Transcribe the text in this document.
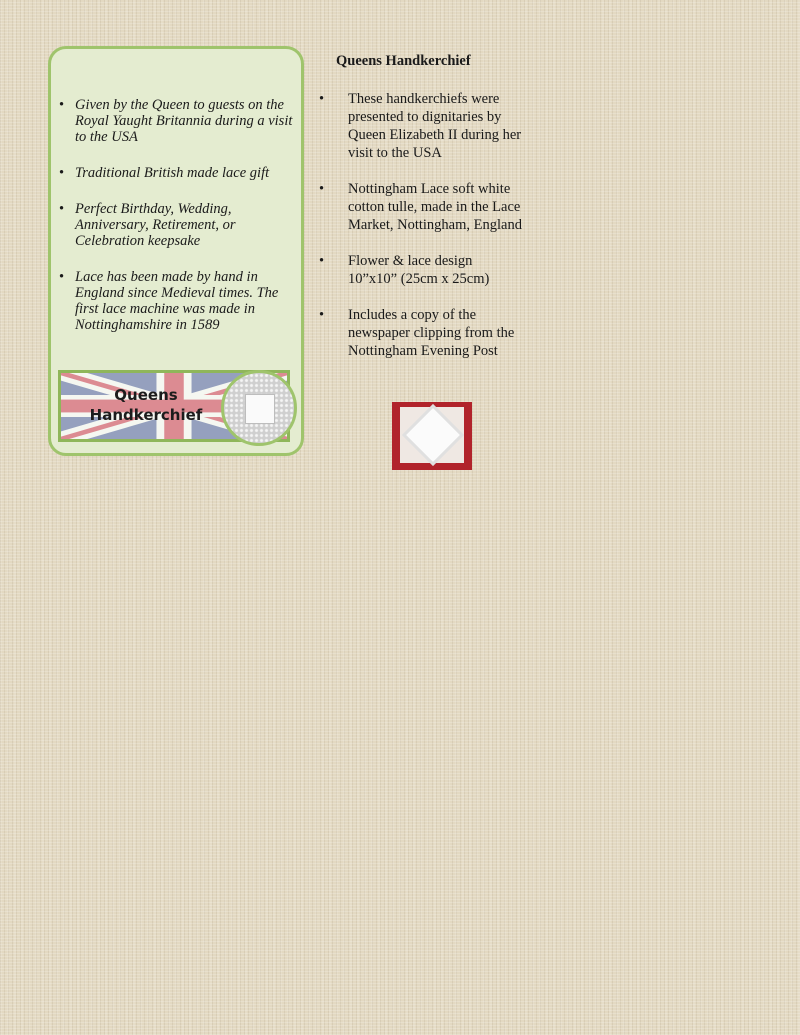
• Given by the Queen to guests on the Royal Yaught Britannia during a visit to the USA
• Traditional British made lace gift
• Perfect Birthday, Wedding, Anniversary, Retirement, or Celebration keepsake
• Lace has been made by hand in England since Medieval times. The first lace machine was made in Nottinghamshire in 1589
Queens
Handkerchief
Queens Handkerchief
• These handkerchiefs were presented to dignitaries by Queen Elizabeth II during her visit to the USA
• Nottingham Lace soft white cotton tulle, made in the Lace Market, Nottingham, England
• Flower & lace design 10”x10” (25cm x 25cm)
• Includes a copy of the newspaper clipping from the Nottingham Evening Post
